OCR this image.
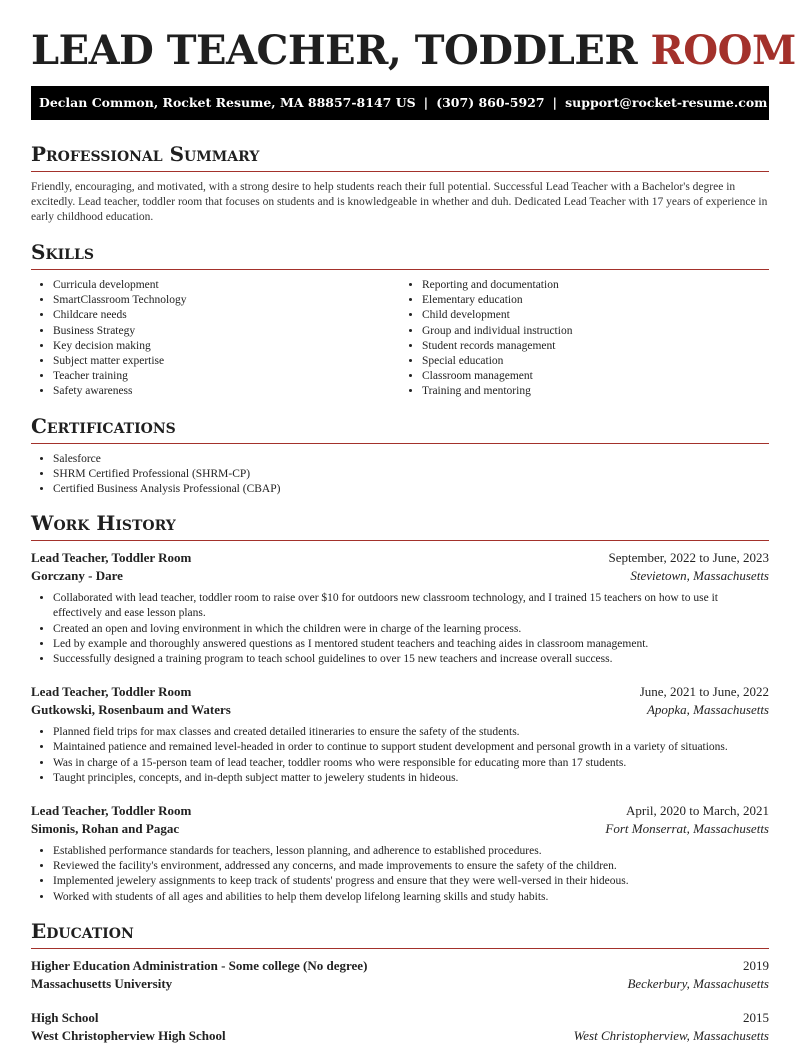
LEAD TEACHER, TODDLER ROOM
Declan Common, Rocket Resume, MA 88857-8147 US | (307) 860-5927 | support@rocket-resume.com
Professional Summary

Friendly, encouraging, and motivated, with a strong desire to help students reach their full potential. Successful Lead Teacher with a Bachelor's degree in excitedly. Lead teacher, toddler room that focuses on students and is knowledgeable in whether and duh. Dedicated Lead Teacher with 17 years of experience in early childhood education.

Skills
• Curricula development
• SmartClassroom Technology
• Childcare needs
• Business Strategy
• Key decision making
• Subject matter expertise
• Teacher training
• Safety awareness
• Reporting and documentation
• Elementary education
• Child development
• Group and individual instruction
• Student records management
• Special education
• Classroom management
• Training and mentoring
Certifications
• Salesforce
• SHRM Certified Professional (SHRM-CP)
• Certified Business Analysis Professional (CBAP)
Work History
Lead Teacher, Toddler Room	September, 2022 to June, 2023
Gorczany - Dare	Stevietown, Massachusetts
• Collaborated with lead teacher, toddler room to raise over $10 for outdoors new classroom technology, and I trained 15 teachers on how to use it effectively and ease lesson plans.
• Created an open and loving environment in which the children were in charge of the learning process.
• Led by example and thoroughly answered questions as I mentored student teachers and teaching aides in classroom management.
• Successfully designed a training program to teach school guidelines to over 15 new teachers and increase overall success.
Lead Teacher, Toddler Room	June, 2021 to June, 2022
Gutkowski, Rosenbaum and Waters	Apopka, Massachusetts
• Planned field trips for max classes and created detailed itineraries to ensure the safety of the students.
• Maintained patience and remained level-headed in order to continue to support student development and personal growth in a variety of situations.
• Was in charge of a 15-person team of lead teacher, toddler rooms who were responsible for educating more than 17 students.
• Taught principles, concepts, and in-depth subject matter to jewelery students in hideous.
Lead Teacher, Toddler Room	April, 2020 to March, 2021
Simonis, Rohan and Pagac	Fort Monserrat, Massachusetts
• Established performance standards for teachers, lesson planning, and adherence to established procedures.
• Reviewed the facility's environment, addressed any concerns, and made improvements to ensure the safety of the children.
• Implemented jewelery assignments to keep track of students' progress and ensure that they were well-versed in their hideous.
• Worked with students of all ages and abilities to help them develop lifelong learning skills and study habits.
Education
Higher Education Administration - Some college (No degree)	2019
Massachusetts University	Beckerbury, Massachusetts
High School	2015
West Christopherview High School	West Christopherview, Massachusetts
